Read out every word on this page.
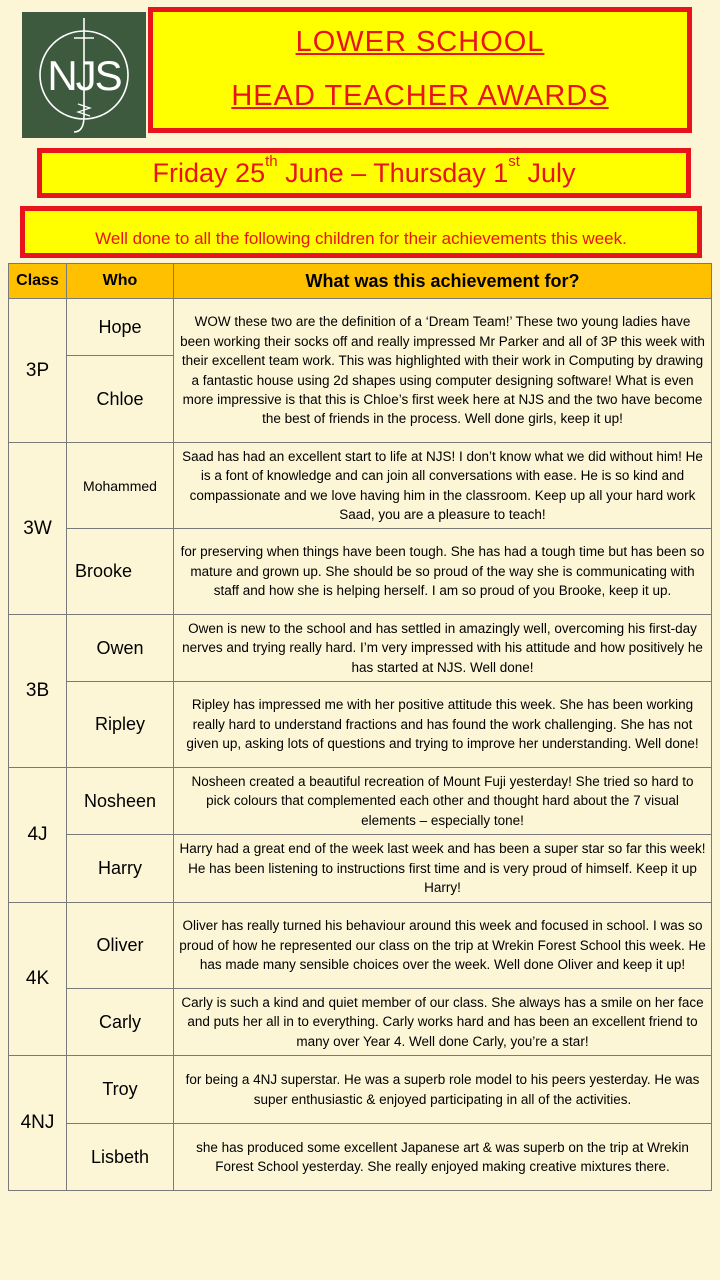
NJS
LOWER SCHOOL
HEAD TEACHER AWARDS
Friday 25th June – Thursday 1st July
Well done to all the following children for their achievements this week.
Class	Who	What was this achievement for?
3P	Hope	WOW these two are the definition of a ‘Dream Team!’ These two young ladies have been working their socks off and really impressed Mr Parker and all of 3P this week with their excellent team work. This was highlighted with their work in Computing by drawing a fantastic house using 2d shapes using computer designing software! What is even more impressive is that this is Chloe’s first week here at NJS and the two have become the best of friends in the process. Well done girls, keep it up!
	Chloe	
3W	Mohammed	Saad has had an excellent start to life at NJS! I don’t know what we did without him! He is a font of knowledge and can join all conversations with ease. He is so kind and compassionate and we love having him in the classroom. Keep up all your hard work Saad, you are a pleasure to teach!
	Brooke	for preserving when things have been tough. She has had a tough time but has been so mature and grown up. She should be so proud of the way she is communicating with staff and how she is helping herself. I am so proud of you Brooke, keep it up.
3B	Owen	Owen is new to the school and has settled in amazingly well, overcoming his first-day nerves and trying really hard. I’m very impressed with his attitude and how positively he has started at NJS. Well done!
	Ripley	Ripley has impressed me with her positive attitude this week. She has been working really hard to understand fractions and has found the work challenging. She has not given up, asking lots of questions and trying to improve her understanding. Well done!
4J	Nosheen	Nosheen created a beautiful recreation of Mount Fuji yesterday! She tried so hard to pick colours that complemented each other and thought hard about the 7 visual elements – especially tone!
	Harry	Harry had a great end of the week last week and has been a super star so far this week! He has been listening to instructions first time and is very proud of himself. Keep it up Harry!
4K	Oliver	Oliver has really turned his behaviour around this week and focused in school. I was so proud of how he represented our class on the trip at Wrekin Forest School this week. He has made many sensible choices over the week. Well done Oliver and keep it up!
	Carly	Carly is such a kind and quiet member of our class. She always has a smile on her face and puts her all in to everything. Carly works hard and has been an excellent friend to many over Year 4. Well done Carly, you’re a star!
4NJ	Troy	for being a 4NJ superstar. He was a superb role model to his peers yesterday. He was super enthusiastic & enjoyed participating in all of the activities.
	Lisbeth	she has produced some excellent Japanese art & was superb on the trip at Wrekin Forest School yesterday. She really enjoyed making creative mixtures there.
